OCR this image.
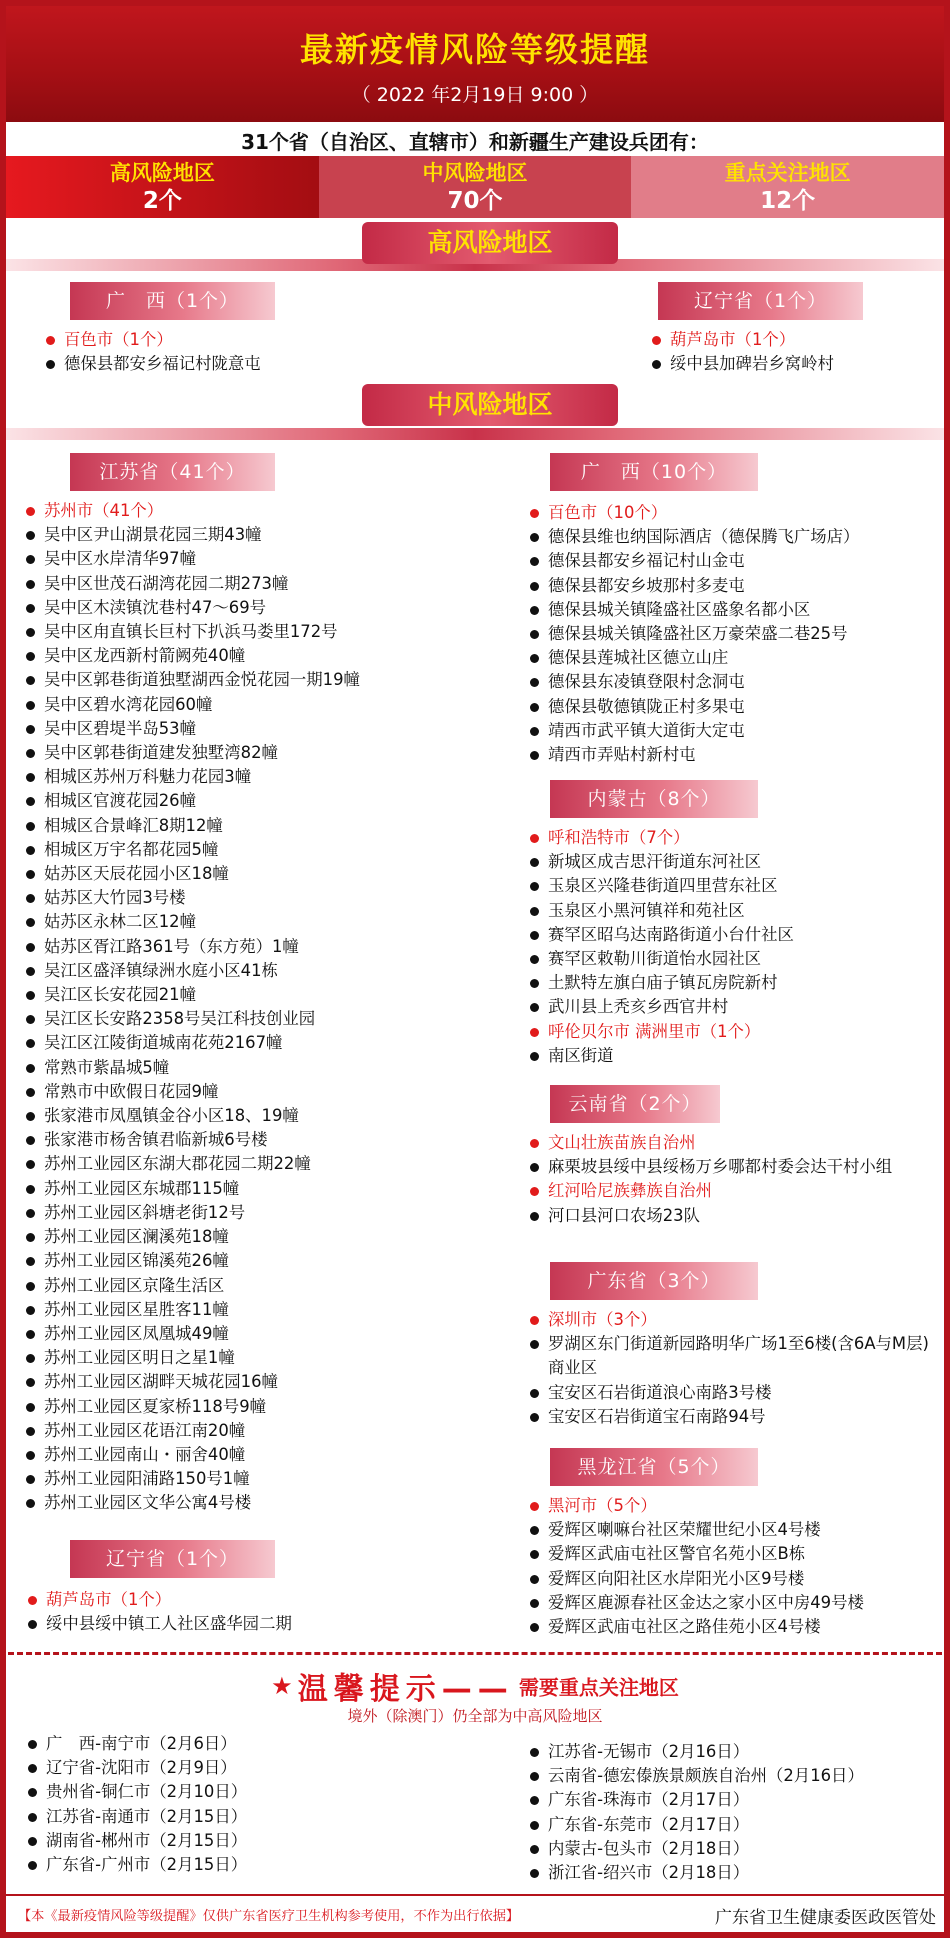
最新疫情风险等级提醒
（ 2022 年2月19日 9:00 ）
31个省（自治区、直辖市）和新疆生产建设兵团有：
高风险地区
2个
中风险地区
70个
重点关注地区
12个
高风险地区
广　西（1个）
百色市（1个）
德保县都安乡福记村陇意屯
辽宁省（1个）
葫芦岛市（1个）
绥中县加碑岩乡窝岭村
中风险地区
江苏省（41个）
苏州市（41个）
吴中区尹山湖景花园三期43幢
吴中区水岸清华97幢
吴中区世茂石湖湾花园二期273幢
吴中区木渎镇沈巷村47～69号
吴中区甪直镇长巨村下扒浜马娄里172号
吴中区龙西新村箭阙苑40幢
吴中区郭巷街道独墅湖西金悦花园一期19幢
吴中区碧水湾花园60幢
吴中区碧堤半岛53幢
吴中区郭巷街道建发独墅湾82幢
相城区苏州万科魅力花园3幢
相城区官渡花园26幢
相城区合景峰汇8期12幢
相城区万宇名都花园5幢
姑苏区天辰花园小区18幢
姑苏区大竹园3号楼
姑苏区永林二区12幢
姑苏区胥江路361号（东方苑）1幢
吴江区盛泽镇绿洲水庭小区41栋
吴江区长安花园21幢
吴江区长安路2358号吴江科技创业园
吴江区江陵街道城南花苑2167幢
常熟市紫晶城5幢
常熟市中欧假日花园9幢
张家港市凤凰镇金谷小区18、19幢
张家港市杨舍镇君临新城6号楼
苏州工业园区东湖大郡花园二期22幢
苏州工业园区东城郡115幢
苏州工业园区斜塘老街12号
苏州工业园区澜溪苑18幢
苏州工业园区锦溪苑26幢
苏州工业园区京隆生活区
苏州工业园区星胜客11幢
苏州工业园区凤凰城49幢
苏州工业园区明日之星1幢
苏州工业园区湖畔天城花园16幢
苏州工业园区夏家桥118号9幢
苏州工业园区花语江南20幢
苏州工业园南山・丽舍40幢
苏州工业园阳浦路150号1幢
苏州工业园区文华公寓4号楼
辽宁省（1个）
葫芦岛市（1个）
绥中县绥中镇工人社区盛华园二期
广　西（10个）
百色市（10个）
德保县维也纳国际酒店（德保腾飞广场店）
德保县都安乡福记村山金屯
德保县都安乡坡那村多麦屯
德保县城关镇隆盛社区盛象名都小区
德保县城关镇隆盛社区万豪荣盛二巷25号
德保县莲城社区德立山庄
德保县东凌镇登限村念洞屯
德保县敬德镇陇正村多果屯
靖西市武平镇大道街大定屯
靖西市弄贴村新村屯
内蒙古（8个）
呼和浩特市（7个）
新城区成吉思汗街道东河社区
玉泉区兴隆巷街道四里营东社区
玉泉区小黑河镇祥和苑社区
赛罕区昭乌达南路街道小台什社区
赛罕区敕勒川街道怡水园社区
土默特左旗白庙子镇瓦房院新村
武川县上秃亥乡西官井村
呼伦贝尔市 满洲里市（1个）
南区街道
云南省（2个）
文山壮族苗族自治州
麻栗坡县绥中县绥杨万乡哪都村委会达干村小组
红河哈尼族彝族自治州
河口县河口农场23队
广东省（3个）
深圳市（3个）
罗湖区东门街道新园路明华广场1至6楼(含6A与M层)商业区
宝安区石岩街道浪心南路3号楼
宝安区石岩街道宝石南路94号
黑龙江省（5个）
黑河市（5个）
爱辉区喇嘛台社区荣耀世纪小区4号楼
爱辉区武庙屯社区警官名苑小区B栋
爱辉区向阳社区水岸阳光小区9号楼
爱辉区鹿源春社区金达之家小区中房49号楼
爱辉区武庙屯社区之路佳苑小区4号楼
★ 温馨提示—— 需要重点关注地区
境外（除澳门）仍全部为中高风险地区
广　西-南宁市（2月6日）
辽宁省-沈阳市（2月9日）
贵州省-铜仁市（2月10日）
江苏省-南通市（2月15日）
湖南省-郴州市（2月15日）
广东省-广州市（2月15日）
江苏省-无锡市（2月16日）
云南省-德宏傣族景颇族自治州（2月16日）
广东省-珠海市（2月17日）
广东省-东莞市（2月17日）
内蒙古-包头市（2月18日）
浙江省-绍兴市（2月18日）
【本《最新疫情风险等级提醒》仅供广东省医疗卫生机构参考使用，不作为出行依据】	广东省卫生健康委医政医管处
